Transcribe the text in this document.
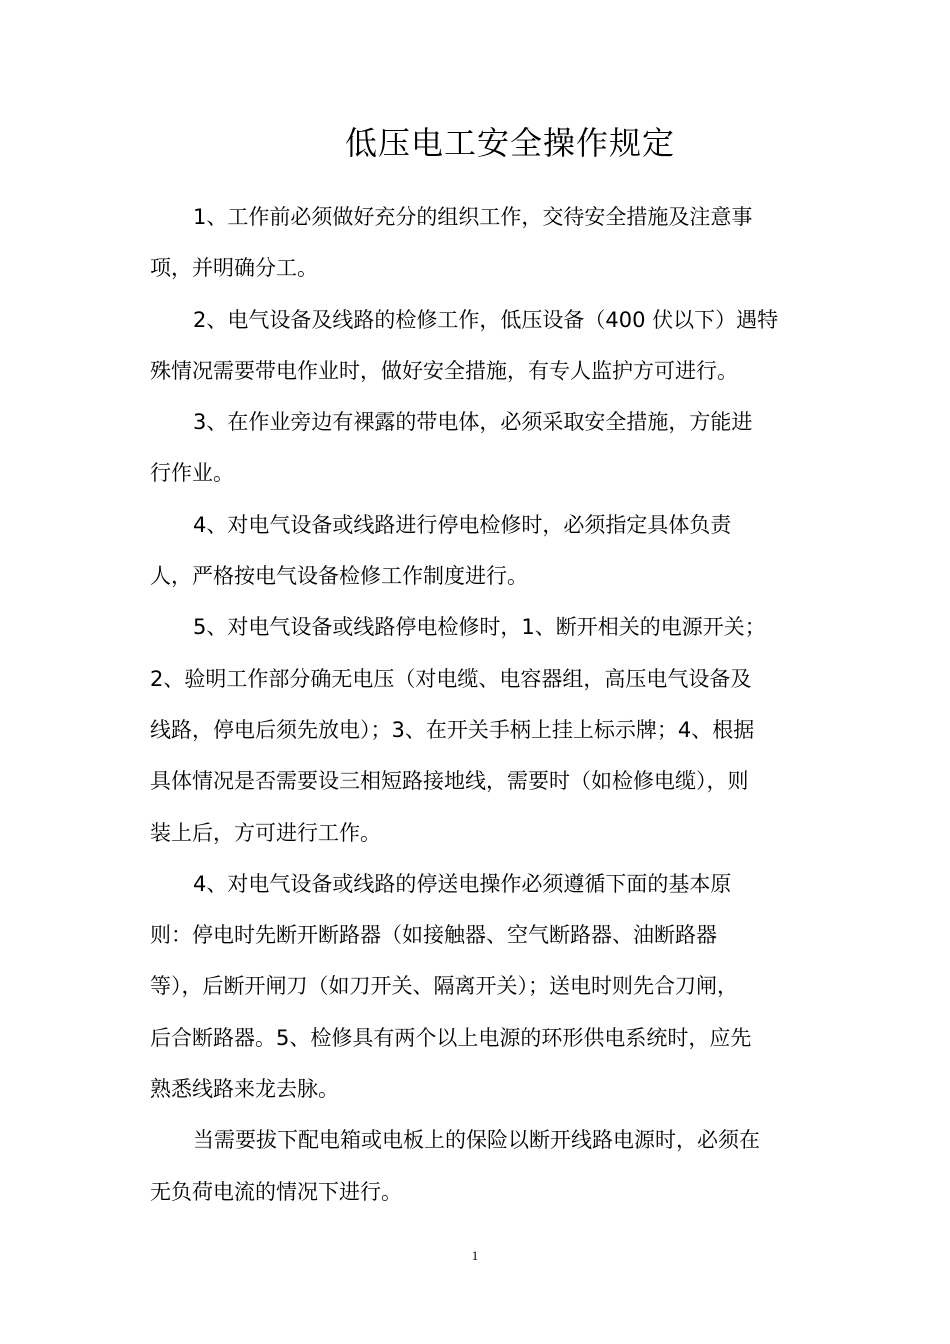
低压电工安全操作规定

1、工作前必须做好充分的组织工作，交待安全措施及注意事
项，并明确分工。

2、电气设备及线路的检修工作，低压设备（400 伏以下）遇特
殊情况需要带电作业时，做好安全措施，有专人监护方可进行。

3、在作业旁边有裸露的带电体，必须采取安全措施，方能进
行作业。

4、对电气设备或线路进行停电检修时，必须指定具体负责
人，严格按电气设备检修工作制度进行。

5、对电气设备或线路停电检修时，1、断开相关的电源开关；
2、验明工作部分确无电压（对电缆、电容器组，高压电气设备及
线路，停电后须先放电）；3、在开关手柄上挂上标示牌；4、根据
具体情况是否需要设三相短路接地线，需要时（如检修电缆），则
装上后，方可进行工作。

4、对电气设备或线路的停送电操作必须遵循下面的基本原
则：停电时先断开断路器（如接触器、空气断路器、油断路器
等），后断开闸刀（如刀开关、隔离开关）；送电时则先合刀闸，
后合断路器。5、检修具有两个以上电源的环形供电系统时，应先
熟悉线路来龙去脉。

当需要拔下配电箱或电板上的保险以断开线路电源时，必须在
无负荷电流的情况下进行。

1
